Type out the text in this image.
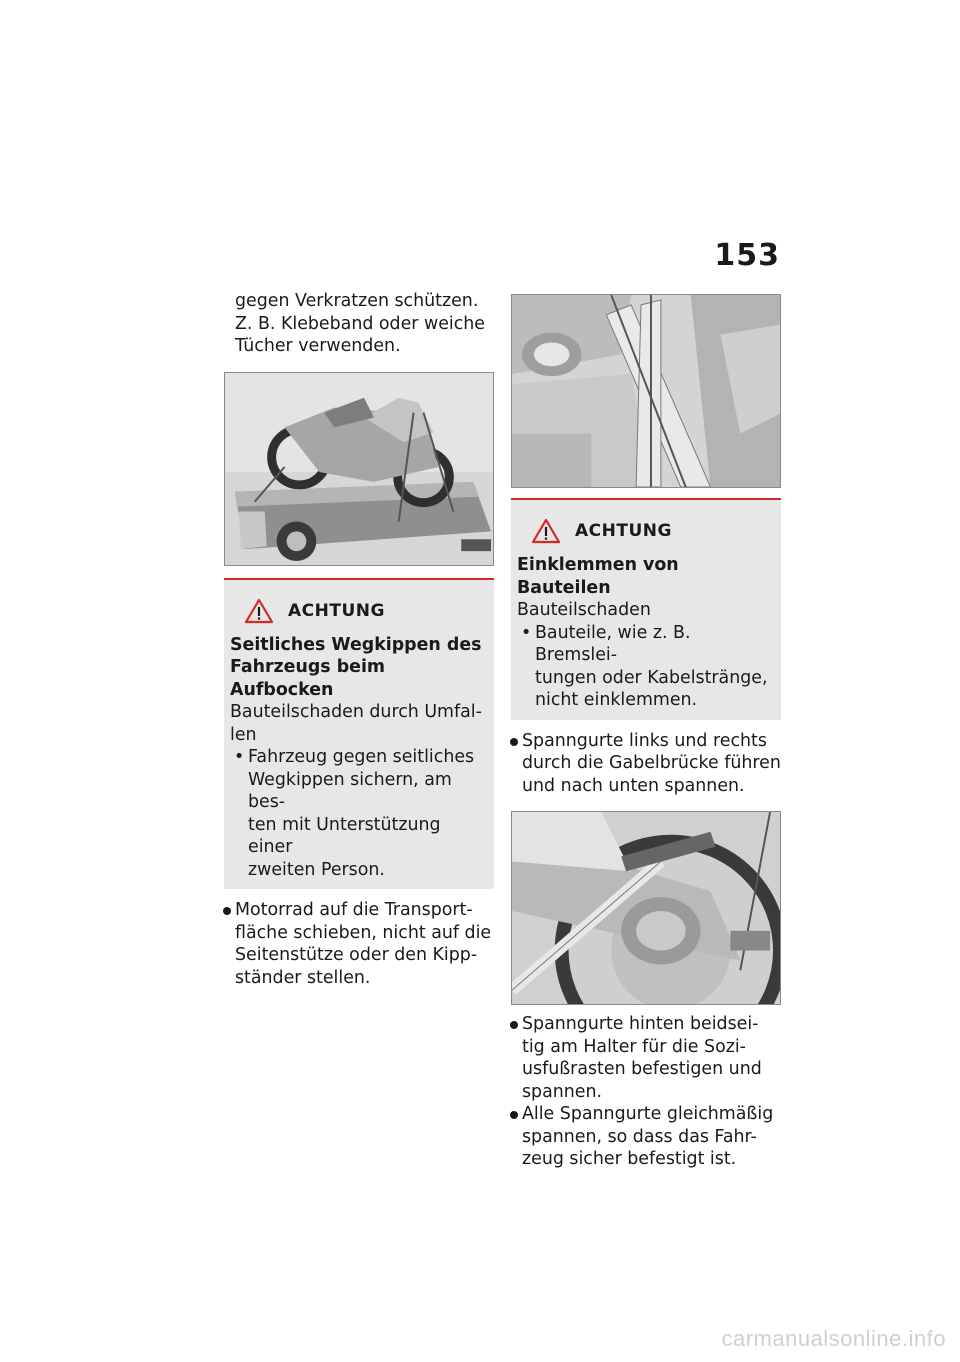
153
gegen Verkratzen schützen.
Z. B. Klebeband oder weiche
Tücher verwenden.
ACHTUNG
Seitliches Wegkippen des
Fahrzeugs beim Aufbocken
Bauteilschaden durch Umfal-
len
• Fahrzeug gegen seitliches
Wegkippen sichern, am bes-
ten mit Unterstützung einer
zweiten Person.
Motorrad auf die Transport-
fläche schieben, nicht auf die
Seitenstütze oder den Kipp-
ständer stellen.
ACHTUNG
Einklemmen von Bauteilen
Bauteilschaden
• Bauteile, wie z. B. Bremslei-
tungen oder Kabelstränge,
nicht einklemmen.
Spanngurte links und rechts
durch die Gabelbrücke führen
und nach unten spannen.
Spanngurte hinten beidsei-
tig am Halter für die Sozi-
usfußrasten befestigen und
spannen.
Alle Spanngurte gleichmäßig
spannen, so dass das Fahr-
zeug sicher befestigt ist.
carmanualsonline.info
